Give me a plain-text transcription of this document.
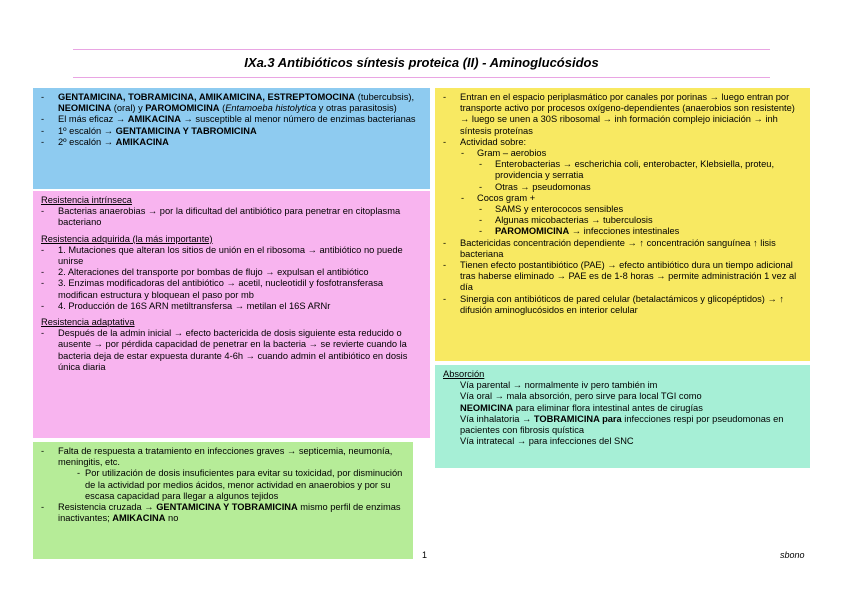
IXa.3 Antibióticos síntesis proteica (II) - Aminoglucósidos
- GENTAMICINA, TOBRAMICINA, AMIKAMICINA, ESTREPTOMOCINA (tubercubsis), NEOMICINA (oral) y PAROMOMICINA (Entamoeba histolytica y otras parasitosis)
- El más eficaz → AMIKACINA → susceptible al menor número de enzimas bacterianas
- 1º escalón → GENTAMICINA Y TABROMICINA
- 2º escalón → AMIKACINA
Resistencia intrínseca
- Bacterias anaerobias → por la dificultad del antibiótico para penetrar en citoplasma bacteriano
Resistencia adquirida (la más importante)
- 1. Mutaciones que alteran los sitios de unión en el ribosoma → antibiótico no puede unirse
- 2. Alteraciones del transporte por bombas de flujo → expulsan el antibiótico
- 3. Enzimas modificadoras del antibiótico → acetil, nucleotidil y fosfotransferasa modifican estructura y bloquean el paso por mb
- 4. Producción de 16S ARN metiltransfersa → metilan el 16S ARNr
Resistencia adaptativa
- Después de la admin inicial → efecto bactericida de dosis siguiente esta reducido o ausente → por pérdida capacidad de penetrar en la bacteria → se revierte cuando la bacteria deja de estar expuesta durante 4-6h → cuando admin el antibiótico en dosis única diaria
- Falta de respuesta a tratamiento en infecciones graves → septicemia, neumonía, meningitis, etc.
- Por utilización de dosis insuficientes para evitar su toxicidad, por disminución de la actividad por medios ácidos, menor actividad en anaerobios y por su escasa capacidad para llegar a algunos tejidos
- Resistencia cruzada → GENTAMICINA Y TOBRAMICINA mismo perfil de enzimas inactivantes; AMIKACINA no
- Entran en el espacio periplasmático por canales por porinas → luego entran por transporte activo por procesos oxígeno-dependientes (anaerobios son resistente) → luego se unen a 30S ribosomal → inh formación complejo iniciación → inh síntesis proteínas
- Actividad sobre:
- Gram – aerobios
- Enterobacterias → escherichia coli, enterobacter, Klebsiella, proteu, providencia y serratia
- Otras → pseudomonas
- Cocos gram +
- SAMS y enterococos sensibles
- Algunas micobacterias → tuberculosis
- PAROMOMICINA → infecciones intestinales
- Bactericidas concentración dependiente → ↑ concentración sanguínea ↑ lisis bacteriana
- Tienen efecto postantibiótico (PAE) → efecto antibiótico dura un tiempo adicional tras haberse eliminado → PAE es de 1-8 horas → permite administración 1 vez al día
- Sinergia con antibióticos de pared celular (betalactámicos y glicopéptidos) → ↑ difusión aminoglucósidos en interior celular
Absorción
Vía parental → normalmente iv pero también im
Vía oral → mala absorción, pero sirve para local TGI como
NEOMICINA para eliminar flora intestinal antes de cirugías
Vía inhalatoria → TOBRAMICINA para infecciones respi por pseudomonas en pacientes con fibrosis quística
Vía intratecal → para infecciones del SNC
1	sbono
